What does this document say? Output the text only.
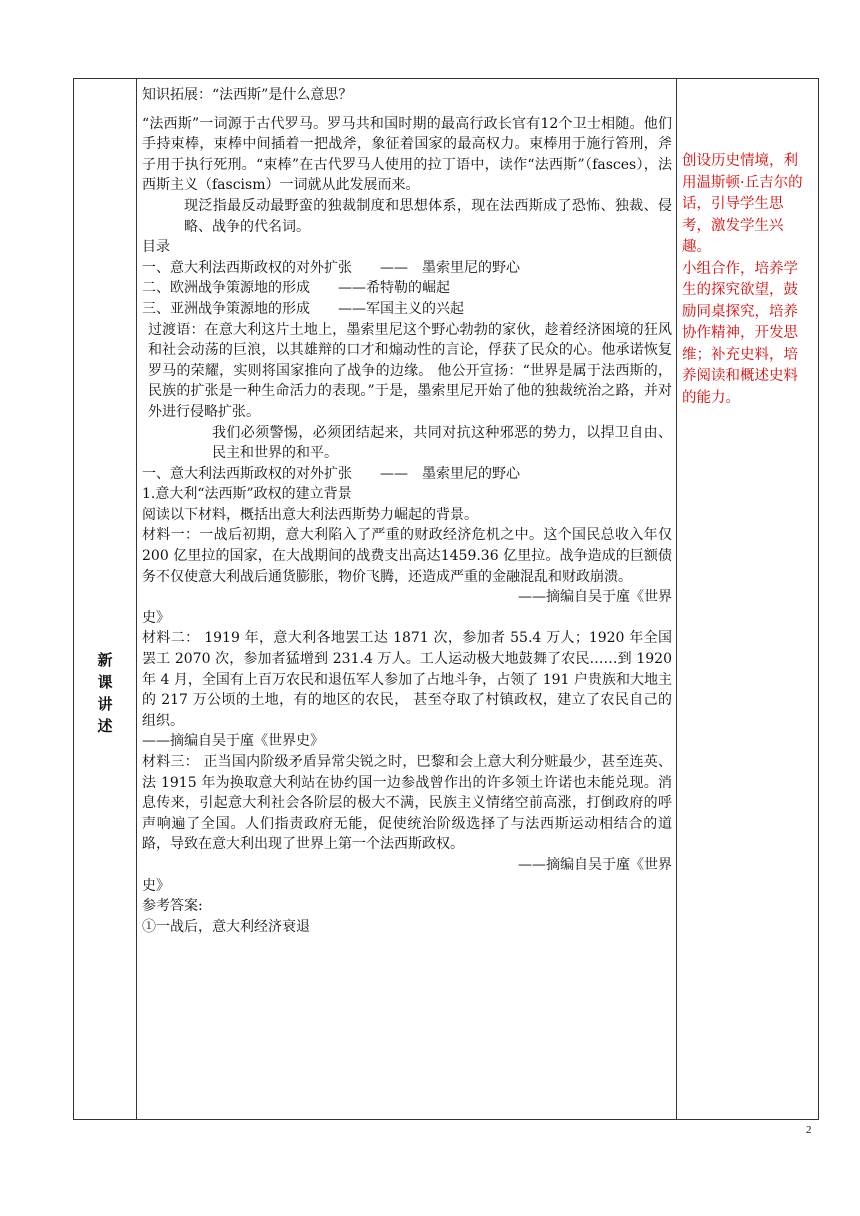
新
课
讲
述

知识拓展：“法西斯”是什么意思？

“法西斯”一词源于古代罗马。罗马共和国时期的最高行政长官有12个卫士相随。他们手持束棒，束棒中间插着一把战斧，象征着国家的最高权力。束棒用于施行笞刑，斧子用于执行死刑。“束棒”在古代罗马人使用的拉丁语中，读作“法西斯”（fasces），法西斯主义（fascism）一词就从此发展而来。

现泛指最反动最野蛮的独裁制度和思想体系，现在法西斯成了恐怖、独裁、侵略、战争的代名词。

目录

一、意大利法西斯政权的对外扩张　　——　墨索里尼的野心

二、欧洲战争策源地的形成　　——希特勒的崛起

三、亚洲战争策源地的形成　　——军国主义的兴起

过渡语：在意大利这片土地上，墨索里尼这个野心勃勃的家伙，趁着经济困境的狂风和社会动荡的巨浪，以其雄辩的口才和煽动性的言论，俘获了民众的心。他承诺恢复罗马的荣耀，实则将国家推向了战争的边缘。 他公开宣扬：“世界是属于法西斯的，民族的扩张是一种生命活力的表现。”于是，墨索里尼开始了他的独裁统治之路，并对外进行侵略扩张。

我们必须警惕，必须团结起来，共同对抗这种邪恶的势力，以捍卫自由、民主和世界的和平。

一、意大利法西斯政权的对外扩张　　——　墨索里尼的野心

1.意大利“法西斯”政权的建立背景

阅读以下材料，概括出意大利法西斯势力崛起的背景。

材料一：一战后初期，意大利陷入了严重的财政经济危机之中。这个国民总收入年仅 200 亿里拉的国家，在大战期间的战费支出高达1459.36 亿里拉。战争造成的巨额债务不仅使意大利战后通货膨胀，物价飞腾，还造成严重的金融混乱和财政崩溃。

——摘编自吴于廑《世界

史》

材料二： 1919 年，意大利各地罢工达 1871 次，参加者 55.4 万人；1920 年全国罢工 2070 次，参加者猛增到 231.4 万人。工人运动极大地鼓舞了农民……到 1920 年 4 月，全国有上百万农民和退伍军人参加了占地斗争，占领了 191 户贵族和大地主的 217 万公顷的土地，有的地区的农民， 甚至夺取了村镇政权，建立了农民自己的组织。

——摘编自吴于廑《世界史》

材料三： 正当国内阶级矛盾异常尖锐之时，巴黎和会上意大利分赃最少，甚至连英、法 1915 年为换取意大利站在协约国一边参战曾作出的许多领土许诺也未能兑现。消息传来，引起意大利社会各阶层的极大不满，民族主义情绪空前高涨，打倒政府的呼声响遍了全国。人们指责政府无能，促使统治阶级选择了与法西斯运动相结合的道路，导致在意大利出现了世界上第一个法西斯政权。

——摘编自吴于廑《世界

史》

参考答案:

①一战后，意大利经济衰退

创设历史情境，利用温斯顿·丘吉尔的话，引导学生思考，激发学生兴趣。

小组合作，培养学生的探究欲望，鼓励同桌探究，培养协作精神，开发思维；补充史料，培养阅读和概述史料的能力。

2
